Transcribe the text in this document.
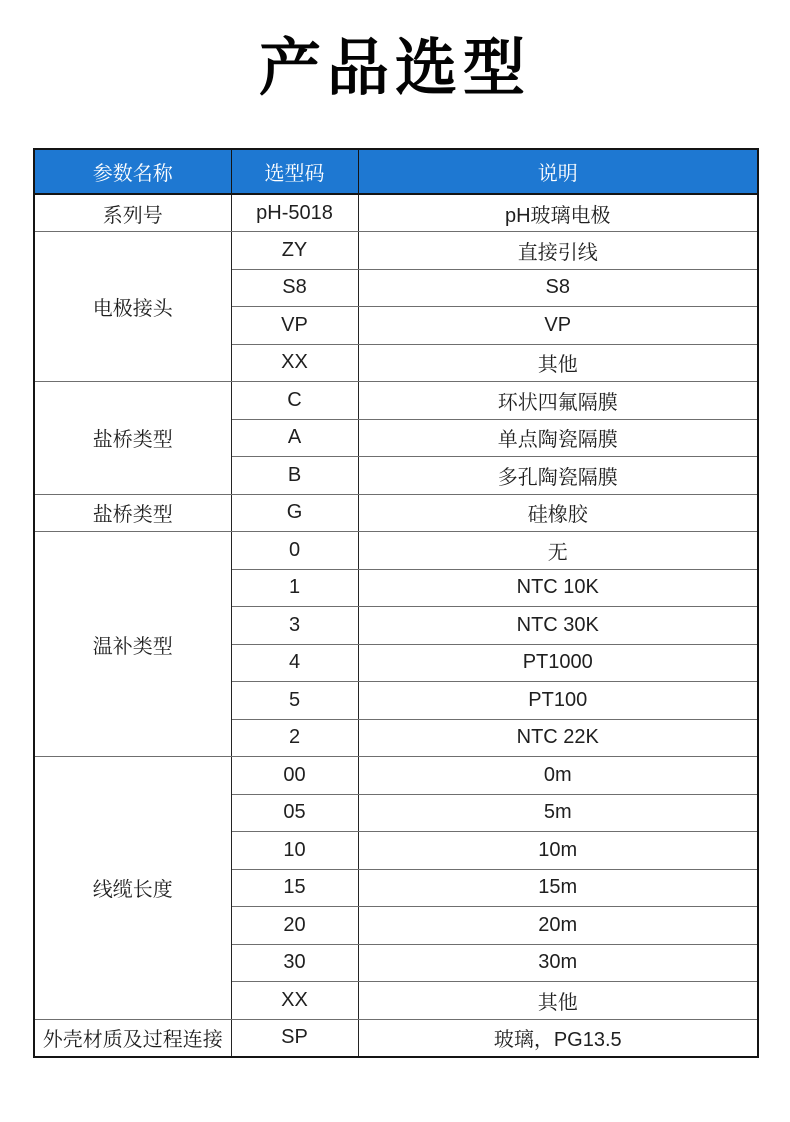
产品选型
参数名称	选型码	说明
系列号	pH-5018	pH玻璃电极
电极接头	ZY	直接引线
	S8	S8
	VP	VP
	XX	其他
盐桥类型	C	环状四氟隔膜
	A	单点陶瓷隔膜
	B	多孔陶瓷隔膜
盐桥类型	G	硅橡胶
温补类型	0	无
	1	NTC 10K
	3	NTC 30K
	4	PT1000
	5	PT100
	2	NTC 22K
线缆长度	00	0m
	05	5m
	10	10m
	15	15m
	20	20m
	30	30m
	XX	其他
外壳材质及过程连接	SP	玻璃，PG13.5
